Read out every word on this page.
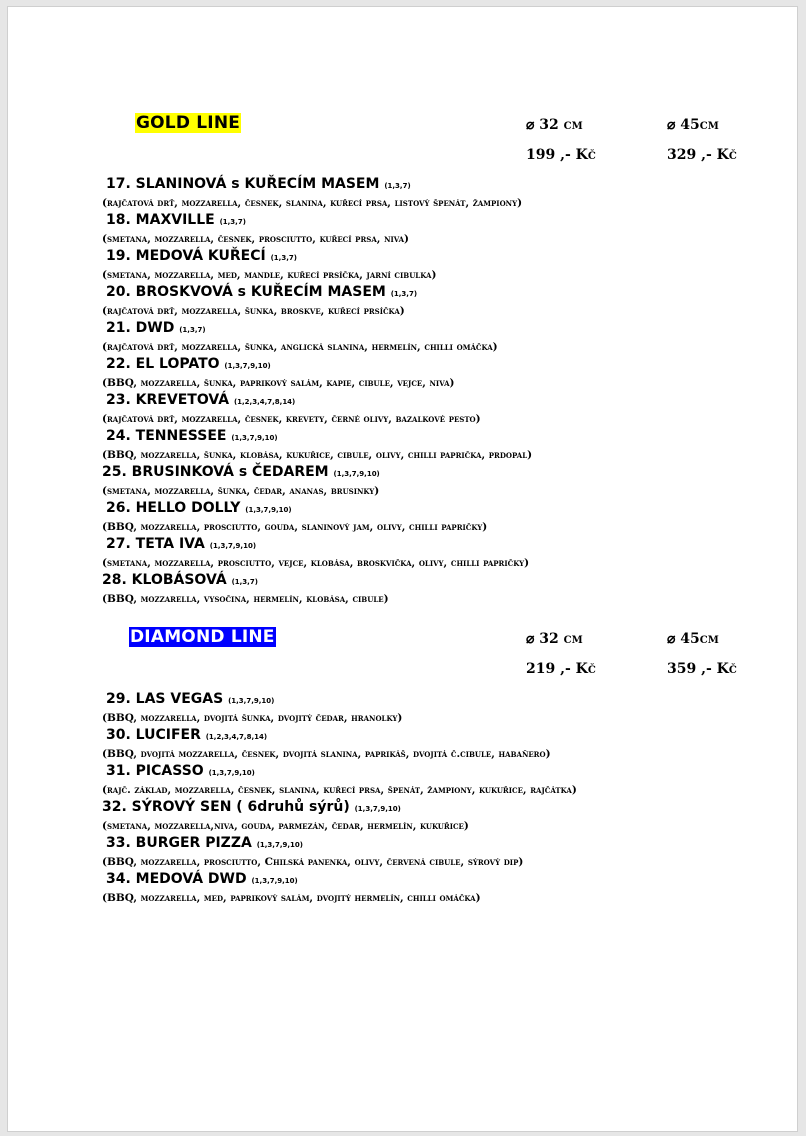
GOLD LINE	⌀ 32 cm	⌀ 45cm
199 ,- Kč	329 ,- Kč
17. SLANINOVÁ s KUŘECÍM MASEM (1,3,7)
(rajčatová drť, mozzarella, česnek, slanina, kuřecí prsa, listový špenát, žampiony)
18. MAXVILLE (1,3,7)
(smetana, mozzarella, česnek, prosciutto, kuřecí prsa, niva)
19. MEDOVÁ KUŘECÍ (1,3,7)
(smetana, mozzarella, med, mandle, kuřecí prsíčka, jarní cibulka)
20. BROSKVOVÁ s KUŘECÍM MASEM (1,3,7)
(rajčatová drť, mozzarella, šunka, broskve, kuřecí prsíčka)
21. DWD (1,3,7)
(rajčatová drť, mozzarella, šunka, anglická slanina, hermelín, chilli omáčka)
22. EL LOPATO (1,3,7,9,10)
(BBQ, mozzarella, šunka, paprikový salám, kapie, cibule, vejce, niva)
23. KREVETOVÁ (1,2,3,4,7,8,14)
(rajčatová drť, mozzarella, česnek, krevety, černé olivy, bazalkové pesto)
24. TENNESSEE (1,3,7,9,10)
(BBQ, mozzarella, šunka, klobása, kukuřice, cibule, olivy, chilli paprička, prdopal)
25. BRUSINKOVÁ s ČEDAREM (1,3,7,9,10)
(smetana, mozzarella, šunka, čedar, ananas, brusinky)
26. HELLO DOLLY (1,3,7,9,10)
(BBQ, mozzarella, prosciutto, gouda, slaninový jam, olivy, chilli papričky)
27. TETA IVA (1,3,7,9,10)
(smetana, mozzarella, prosciutto, vejce, klobása, broskvička, olivy, chilli papričky)
28. KLOBÁSOVÁ (1,3,7)
(BBQ, mozzarella, vysočina, hermelín, klobása, cibule)
DIAMOND LINE	⌀ 32 cm	⌀ 45cm
219 ,- Kč	359 ,- Kč
29. LAS VEGAS (1,3,7,9,10)
(BBQ, mozzarella, dvojitá šunka, dvojitý čedar, hranolky)
30. LUCIFER (1,2,3,4,7,8,14)
(BBQ, dvojitá mozzarella, česnek, dvojitá slanina, paprikáš, dvojitá č.cibule, habaňero)
31. PICASSO (1,3,7,9,10)
(rajč. základ, mozzarella, česnek, slanina, kuřecí prsa, špenát, žampiony, kukuřice, rajčátka)
32. SÝROVÝ SEN ( 6druhů sýrů) (1,3,7,9,10)
(smetana, mozzarella,niva, gouda, parmezán, čedar, hermelín, kukuřice)
33. BURGER PIZZA (1,3,7,9,10)
(BBQ, mozzarella, prosciutto, Chilská panenka, olivy, červená cibule, sýrový dip)
34. MEDOVÁ DWD (1,3,7,9,10)
(BBQ, mozzarella, med, paprikový salám, dvojitý hermelín, chilli omáčka)
